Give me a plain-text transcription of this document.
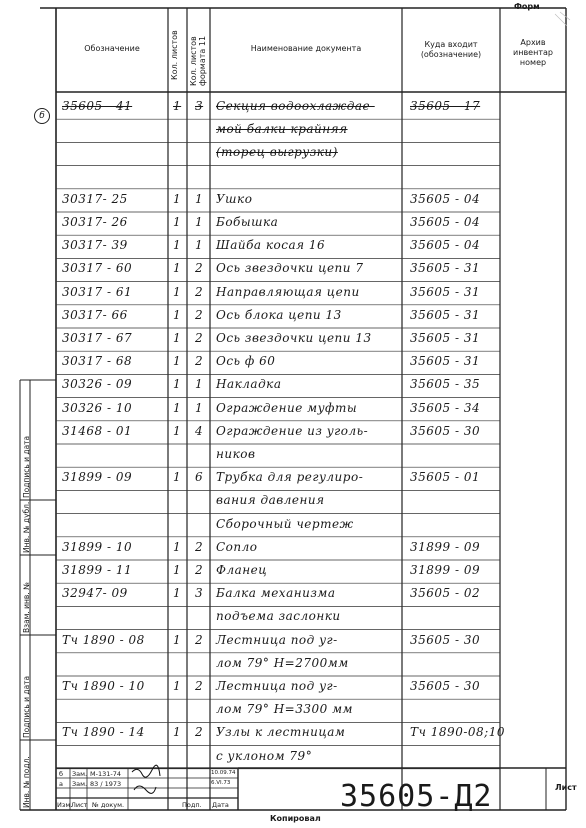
Форм
Обозначение	Кол. листов Кол. листов формата 11	Наименование документа	Куда входит (обозначение)
Архив инвентар номер
б
35605 - 41	1 3 Секция водоохлаждае-	35605 - 17
мой балки крайняя
(торец выгрузки)
30317- 25	1 1 Ушко	35605 - 04
30317- 26	1 1 Бобышка	35605 - 04
30317- 39	1 1 Шайба косая 16	35605 - 04
30317 - 60	1 2 Ось звездочки цепи 7	35605 - 31
30317 - 61	1 2 Направляющая цепи	35605 - 31
30317- 66	1 2 Ось блока цепи 13	35605 - 31
30317 - 67	1 2 Ось звездочки цепи 13	35605 - 31
30317 - 68	1 2 Ось ф 60	35605 - 31
30326 - 09	1 1 Накладка	35605 - 35
30326 - 10	1 1 Ограждение муфты	35605 - 34
31468 - 01	1 4 Ограждение из уголь-	35605 - 30
ников
31899 - 09	1 6 Трубка для регулиро-	35605 - 01
вания давления
Сборочный чертеж
31899 - 10	1 2 Сопло	31899 - 09
31899 - 11	1 2 Фланец	31899 - 09
32947- 09	1 3 Балка механизма	35605 - 02
подъема заслонки
Тч 1890 - 08 1 2 Лестница под уг-	35605 - 30
лом 79° H=2700мм
Тч 1890 - 10 1 2 Лестница под уг-	35605 - 30
лом 79° H=3300 мм
Тч 1890 - 14 1 2 Узлы к лестницам	Тч 1890-08;10
с уклоном 79°
Инв. № подл.
Подпись и дата
Взам. инв. №
Инв. № дубл.
Подпись и дата
б Зам. М-131-74	10.09.74
а Зам. 83 / 1973	6.VI.73
Изм.
Лист № докум.	Подп. Дата	35605-Д2	Лист
Копировал
